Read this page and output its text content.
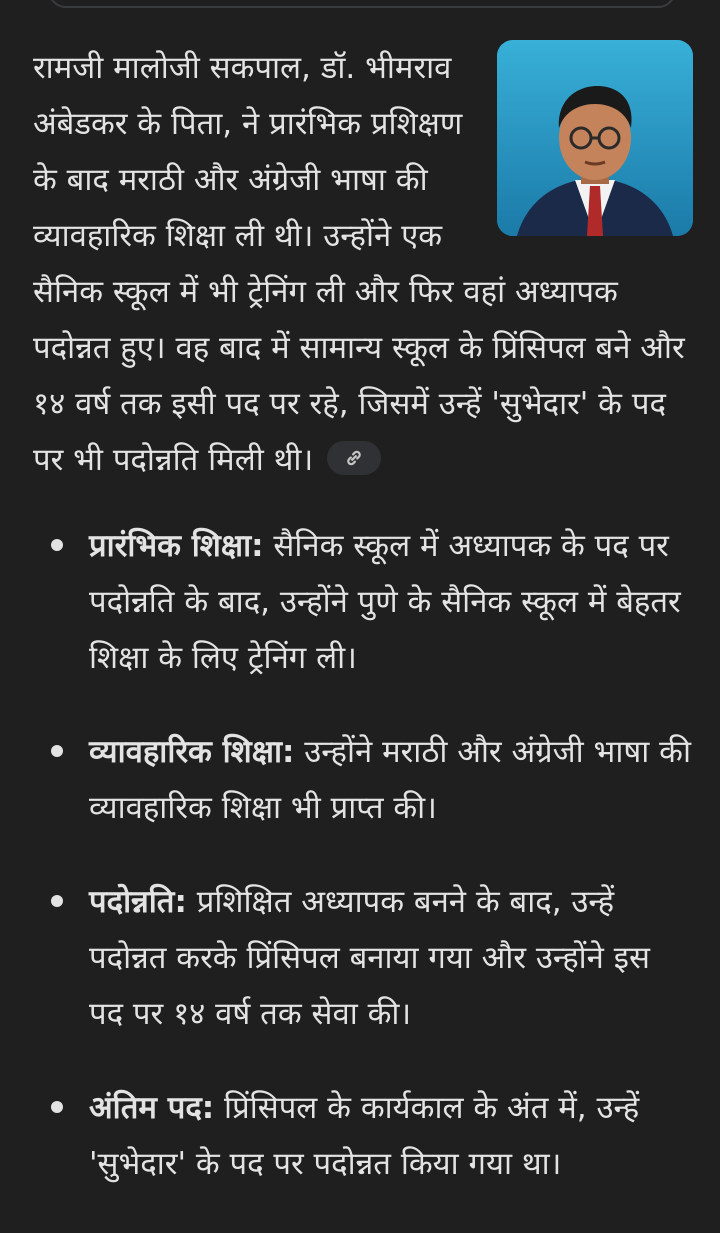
रामजी मालोजी सकपाल, डॉ. भीमराव अंबेडकर के पिता, ने प्रारंभिक प्रशिक्षण के बाद मराठी और अंग्रेजी भाषा की व्यावहारिक शिक्षा ली थी। उन्होंने एक सैनिक स्कूल में भी ट्रेनिंग ली और फिर वहां अध्यापक पदोन्नत हुए। वह बाद में सामान्य स्कूल के प्रिंसिपल बने और १४ वर्ष तक इसी पद पर रहे, जिसमें उन्हें 'सुभेदार' के पद पर भी पदोन्नति मिली थी।

प्रारंभिक शिक्षा: सैनिक स्कूल में अध्यापक के पद पर पदोन्नति के बाद, उन्होंने पुणे के सैनिक स्कूल में बेहतर शिक्षा के लिए ट्रेनिंग ली।
व्यावहारिक शिक्षा: उन्होंने मराठी और अंग्रेजी भाषा की व्यावहारिक शिक्षा भी प्राप्त की।
पदोन्नति: प्रशिक्षित अध्यापक बनने के बाद, उन्हें पदोन्नत करके प्रिंसिपल बनाया गया और उन्होंने इस पद पर १४ वर्ष तक सेवा की।
अंतिम पद: प्रिंसिपल के कार्यकाल के अंत में, उन्हें 'सुभेदार' के पद पर पदोन्नत किया गया था।
